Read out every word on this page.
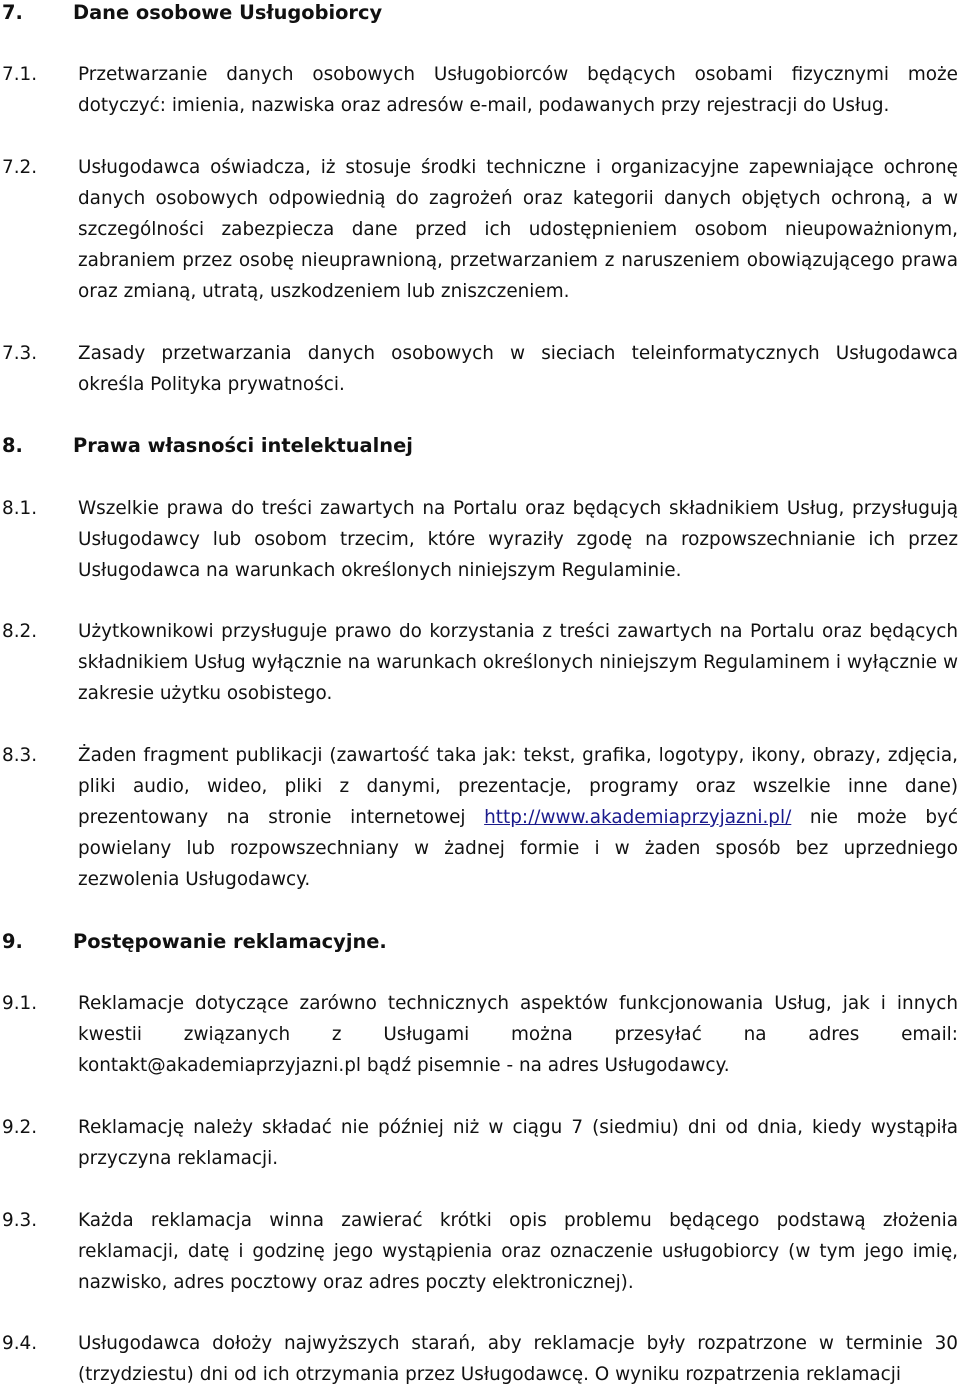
7.	Dane osobowe Usługobiorcy
7.1. Przetwarzanie danych osobowych Usługobiorców będących osobami fizycznymi może dotyczyć: imienia, nazwiska oraz adresów e-mail, podawanych przy rejestracji do Usług.
7.2. Usługodawca oświadcza, iż stosuje środki techniczne i organizacyjne zapewniające ochronę danych osobowych odpowiednią do zagrożeń oraz kategorii danych objętych ochroną, a w szczególności zabezpiecza dane przed ich udostępnieniem osobom nieupoważnionym, zabraniem przez osobę nieuprawnioną, przetwarzaniem z naruszeniem obowiązującego prawa oraz zmianą, utratą, uszkodzeniem lub zniszczeniem.
7.3. Zasady przetwarzania danych osobowych w sieciach teleinformatycznych Usługodawca określa Polityka prywatności.
8.	Prawa własności intelektualnej
8.1. Wszelkie prawa do treści zawartych na Portalu oraz będących składnikiem Usług, przysługują Usługodawcy lub osobom trzecim, które wyraziły zgodę na rozpowszechnianie ich przez Usługodawca na warunkach określonych niniejszym Regulaminie.
8.2. Użytkownikowi przysługuje prawo do korzystania z treści zawartych na Portalu oraz będących składnikiem Usług wyłącznie na warunkach określonych niniejszym Regulaminem i wyłącznie w zakresie użytku osobistego.
8.3. Żaden fragment publikacji (zawartość taka jak: tekst, grafika, logotypy, ikony, obrazy, zdjęcia, pliki audio, wideo, pliki z danymi, prezentacje, programy oraz wszelkie inne dane) prezentowany na stronie internetowej http://www.akademiaprzyjazni.pl/ nie może być powielany lub rozpowszechniany w żadnej formie i w żaden sposób bez uprzedniego zezwolenia Usługodawcy.
9.	Postępowanie reklamacyjne.
9.1. Reklamacje dotyczące zarówno technicznych aspektów funkcjonowania Usług, jak i innych kwestii związanych z Usługami można przesyłać na adres email: kontakt@akademiaprzyjazni.pl bądź pisemnie - na adres Usługodawcy.
9.2. Reklamację należy składać nie później niż w ciągu 7 (siedmiu) dni od dnia, kiedy wystąpiła przyczyna reklamacji.
9.3. Każda reklamacja winna zawierać krótki opis problemu będącego podstawą złożenia reklamacji, datę i godzinę jego wystąpienia oraz oznaczenie usługobiorcy (w tym jego imię, nazwisko, adres pocztowy oraz adres poczty elektronicznej).
9.4. Usługodawca dołoży najwyższych starań, aby reklamacje były rozpatrzone w terminie 30 (trzydziestu) dni od ich otrzymania przez Usługodawcę. O wyniku rozpatrzenia reklamacji
